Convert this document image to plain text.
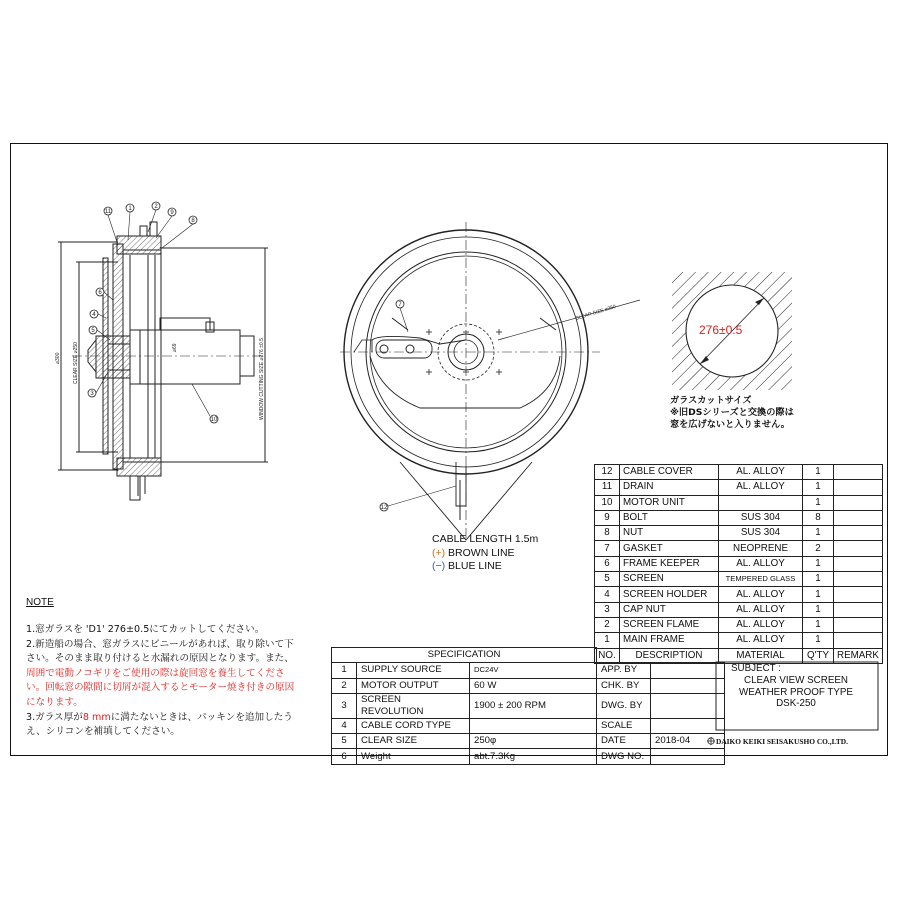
11	1	2
9
8
6
4
5
3
10
⌀300 CLEAR SIZE ⌀250	WINDOW CUTTING SIZE ⌀276 ±0.5
⌀69
CLEAR SIZE ⌀250
7
12
276±0.5
ガラスカットサイズ
※旧DSシリーズと交換の際は
窓を広げないと入りません。
CABLE LENGTH 1.5m
(+) BROWN LINE
(−) BLUE LINE
NOTE
1.窓ガラスを 'D1' 276±0.5にてカットしてください。
2.新造船の場合、窓ガラスにビニールがあれば、取り除いて下さい。そのまま取り付けると水漏れの原因となります。また、周囲で電動ノコギリをご使用の際は旋回窓を養生してください。回転窓の隙間に切屑が混入するとモーター焼き付きの原因になります。
3.ガラス厚が8 mmに満たないときは、パッキンを追加したうえ、シリコンを補填してください。
12	CABLE COVER	AL. ALLOY	1	
11	DRAIN	AL. ALLOY	1	
10	MOTOR UNIT		1	
9	BOLT	SUS 304	8	
8	NUT	SUS 304	1	
7	GASKET	NEOPRENE	2	
6	FRAME KEEPER	AL. ALLOY	1	
5	SCREEN	TEMPERED GLASS	1	
4	SCREEN HOLDER	AL. ALLOY	1	
3	CAP NUT	AL. ALLOY	1	
2	SCREEN FLAME	AL. ALLOY	1	
1	MAIN FRAME	AL. ALLOY	1	
NO.	DESCRIPTION	MATERIAL	Q'TY	REMARK
SPECIFICATION				
1	SUPPLY SOURCE	DC24V	APP. BY	
2	MOTOR OUTPUT	60 W	CHK. BY	
3	SCREEN REVOLUTION	1900 ± 200 RPM	DWG. BY	
4	CABLE CORD TYPE		SCALE	
5	CLEAR SIZE	250φ	DATE	2018-04
6	Weight	abt.7.3Kg	DWG NO.	
SUBJECT :
CLEAR VIEW SCREEN
WEATHER PROOF TYPE
DSK-250
DAIKO KEIKI SEISAKUSHO CO.,LTD.
